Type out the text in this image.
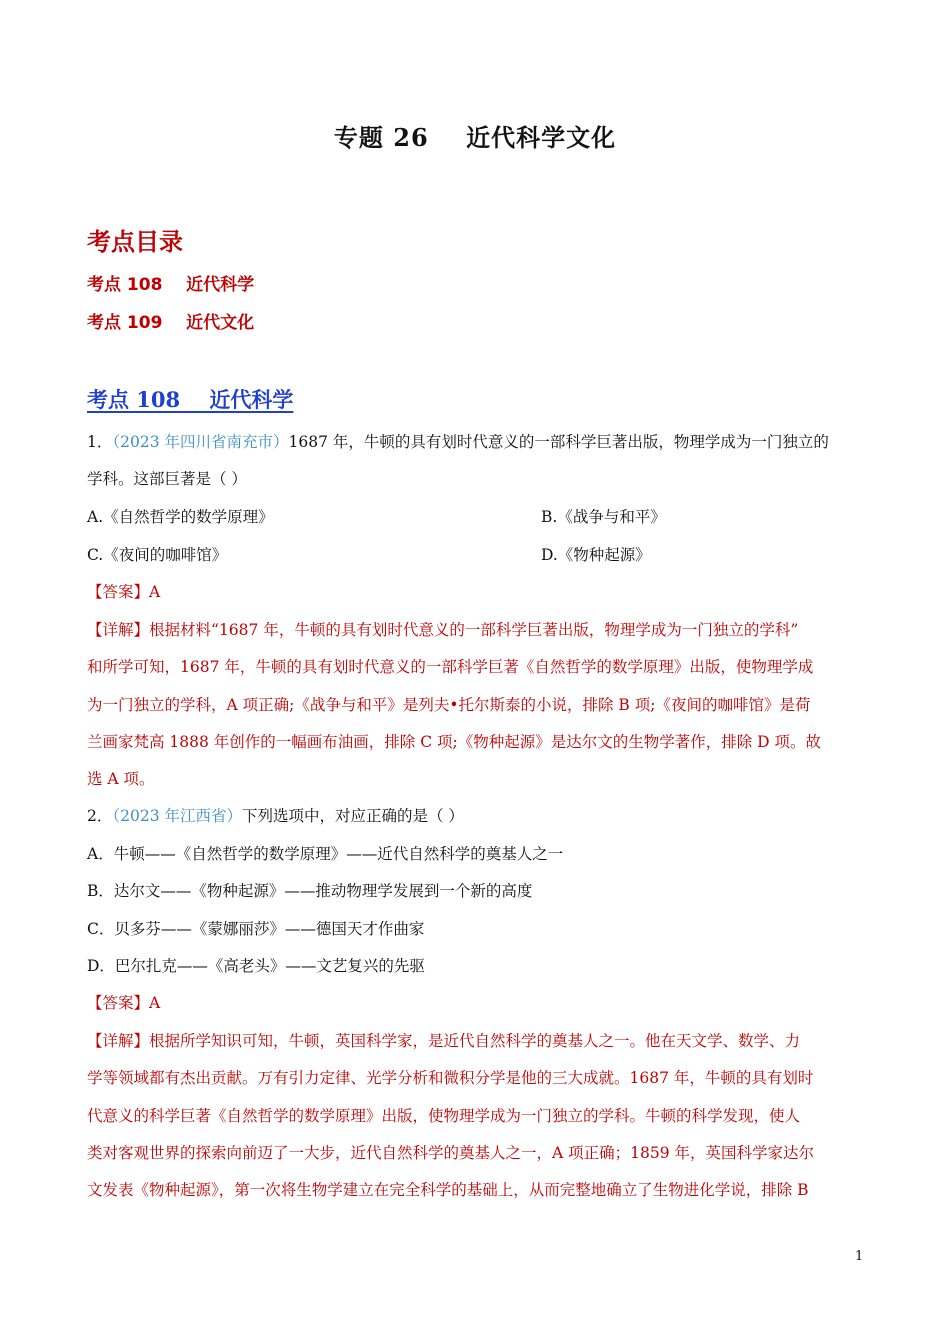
专题 26    近代科学文化
考点目录
考点 108    近代科学
考点 109    近代文化
考点 108    近代科学
1．（2023 年四川省南充市）1687 年，牛顿的具有划时代意义的一部科学巨著出版，物理学成为一门独立的
学科。这部巨著是（ ）
A.《自然哲学的数学原理》	B.《战争与和平》
C.《夜间的咖啡馆》	D.《物种起源》
【答案】A
【详解】根据材料“1687 年，牛顿的具有划时代意义的一部科学巨著出版，物理学成为一门独立的学科”
和所学可知，1687 年，牛顿的具有划时代意义的一部科学巨著《自然哲学的数学原理》出版，使物理学成
为一门独立的学科，A 项正确;《战争与和平》是列夫•托尔斯泰的小说，排除 B 项;《夜间的咖啡馆》是荷
兰画家梵高 1888 年创作的一幅画布油画，排除 C 项;《物种起源》是达尔文的生物学著作，排除 D 项。故
选 A 项。
2．（2023 年江西省）下列选项中，对应正确的是（ ）
A．牛顿——《自然哲学的数学原理》——近代自然科学的奠基人之一
B．达尔文——《物种起源》——推动物理学发展到一个新的高度
C．贝多芬——《蒙娜丽莎》——德国天才作曲家
D．巴尔扎克——《高老头》——文艺复兴的先驱
【答案】A
【详解】根据所学知识可知，牛顿，英国科学家，是近代自然科学的奠基人之一。他在天文学、数学、力
学等领域都有杰出贡献。万有引力定律、光学分析和微积分学是他的三大成就。1687 年，牛顿的具有划时
代意义的科学巨著《自然哲学的数学原理》出版，使物理学成为一门独立的学科。牛顿的科学发现，使人
类对客观世界的探索向前迈了一大步，近代自然科学的奠基人之一，A 项正确；1859 年，英国科学家达尔
文发表《物种起源》，第一次将生物学建立在完全科学的基础上，从而完整地确立了生物进化学说，排除 B
1
